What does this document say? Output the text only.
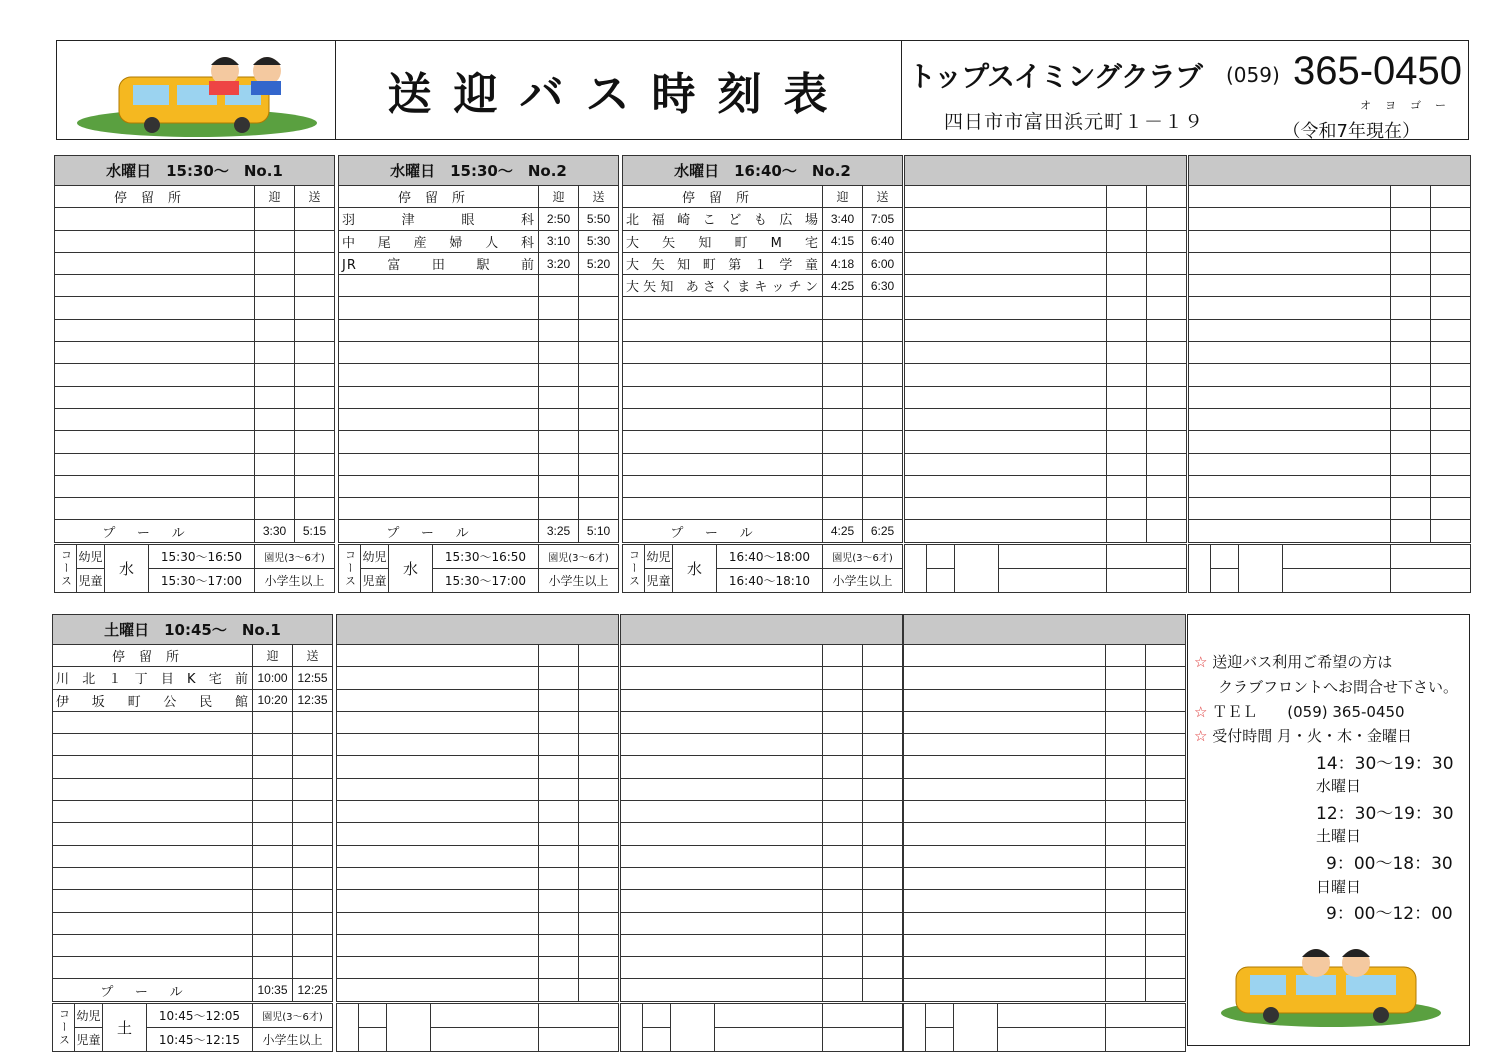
送迎バス時刻表 トップスイミングクラブ (059) 365-0450
オヨゴー
四日市市富田浜元町１－１９	（令和7年現在）
水曜日　15:30～　No.1		
停留所	迎	送

プール	3:30	5:15
コース	幼児	水	15:30～16:50	園児(3～6才)
	児童		15:30～17:00	小学生以上
水曜日　15:30～　No.2		
停留所	迎	送
羽津眼科	2:50	5:50
中尾産婦人科	3:10	5:30
JR富田駅前	3:20	5:20

プール	3:25	5:10
コース	幼児	水	15:30～16:50	園児(3～6才)
	児童		15:30～17:00	小学生以上
水曜日　16:40～　No.2		
停留所	迎	送
北福崎こども広場	3:40	7:05
大矢知町M宅	4:15	6:40
大矢知町第１学童	4:18	6:00
大矢知 あさくまキッチン	4:25	6:30

プール	4:25	6:25
コース	幼児	水	16:40～18:00	園児(3～6才)
	児童		16:40～18:10	小学生以上

土曜日　10:45～　No.1		
停留所	迎	送
川北１丁目K宅前	10:00	12:55
伊坂町公民館	10:20	12:35

プール	10:35	12:25
コース	幼児	土	10:45～12:05	園児(3～6才)
	児童		10:45～12:15	小学生以上

☆ 送迎バス利用ご希望の方は

クラブフロントへお問合せ下さい。

☆ ＴＥＬ　　 (059) 365-0450

☆ 受付時間 月・火・木・金曜日

14：30～19：30

水曜日

12：30～19：30

土曜日

9：00～18：30

日曜日

9：00～12：00
